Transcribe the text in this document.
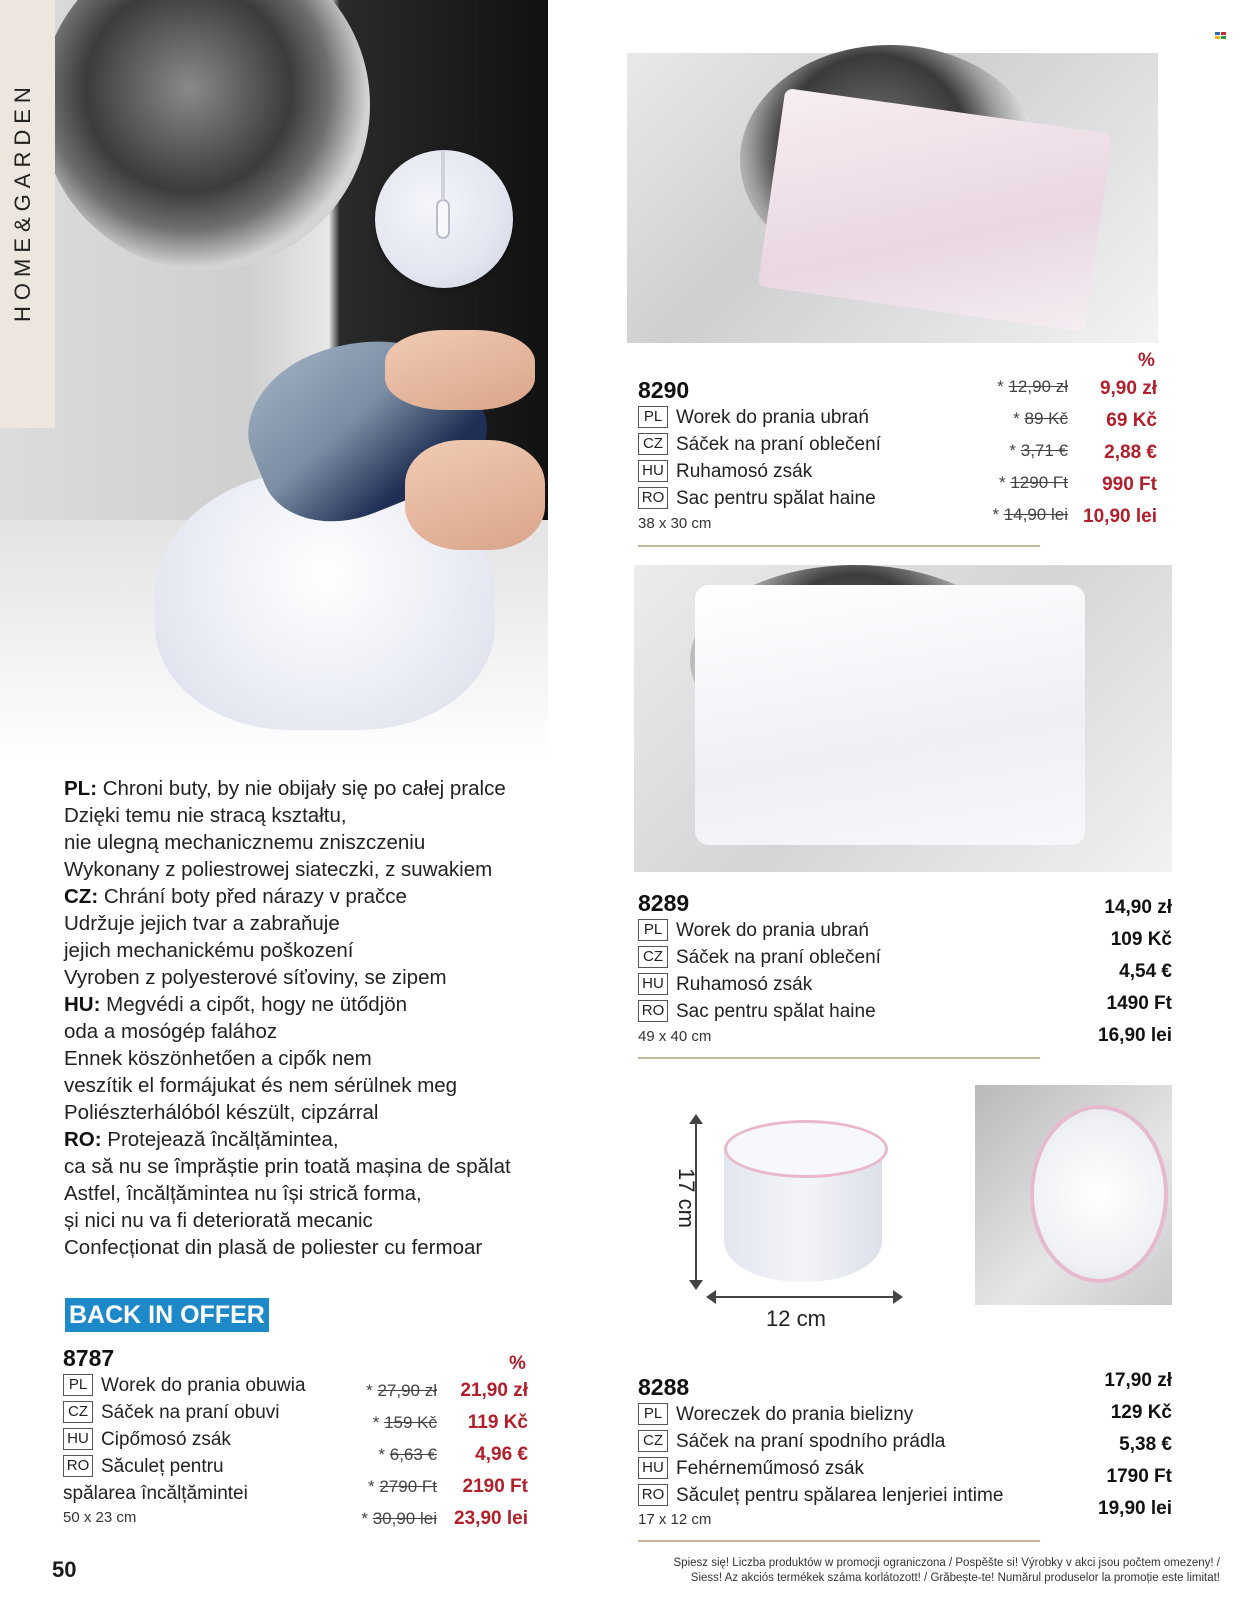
HOME&GARDEN
17 cm
12 cm
8290
%
PL Worek do prania ubrań
CZ Sáček na praní oblečení
HU Ruhamosó zsák
RO Sac pentru spălat haine
38 x 30 cm
* 12,90 zł
* 89 Kč
* 3,71 €
* 1290 Ft
* 14,90 lei
9,90 zł
69 Kč
2,88 €
990 Ft
10,90 lei
8289
PL Worek do prania ubrań
CZ Sáček na praní oblečení
HU Ruhamosó zsák
RO Sac pentru spălat haine
49 x 40 cm
14,90 zł
109 Kč
4,54 €
1490 Ft
16,90 lei
PL: Chroni buty, by nie obijały się po całej pralce
Dzięki temu nie stracą kształtu,
nie ulegną mechanicznemu zniszczeniu
Wykonany z poliestrowej siateczki, z suwakiem
CZ: Chrání boty před nárazy v pračce
Udržuje jejich tvar a zabraňuje
jejich mechanickému poškození
Vyroben z polyesterové síťoviny, se zipem
HU: Megvédi a cipőt, hogy ne ütődjön
oda a mosógép falához
Ennek köszönhetően a cipők nem
veszítik el formájukat és nem sérülnek meg
Poliészterhálóból készült, cipzárral
RO: Protejează încălțămintea,
ca să nu se împrăștie prin toată mașina de spălat
Astfel, încălțămintea nu își strică forma,
și nici nu va fi deteriorată mecanic
Confecționat din plasă de poliester cu fermoar
BACK IN OFFER
8787	%
PL Worek do prania obuwia
CZ Sáček na praní obuvi
HU Cipőmosó zsák
RO Săculeț pentru
spălarea încălțămintei
50 x 23 cm
* 27,90 zł
* 159 Kč
* 6,63 €
* 2790 Ft
* 30,90 lei
21,90 zł
119 Kč
4,96 €
2190 Ft
23,90 lei
8288
PL Woreczek do prania bielizny
CZ Sáček na praní spodního prádla
HU Fehérneműmosó zsák
RO Săculeț pentru spălarea lenjeriei intime
17 x 12 cm
17,90 zł
129 Kč
5,38 €
1790 Ft
19,90 lei
50	Spiesz się! Liczba produktów w promocji ograniczona / Pospěšte si! Výrobky v akci jsou počtem omezeny! /
Siess! Az akciós termékek száma korlátozott! / Grăbește-te! Numărul produselor la promoție este limitat!
